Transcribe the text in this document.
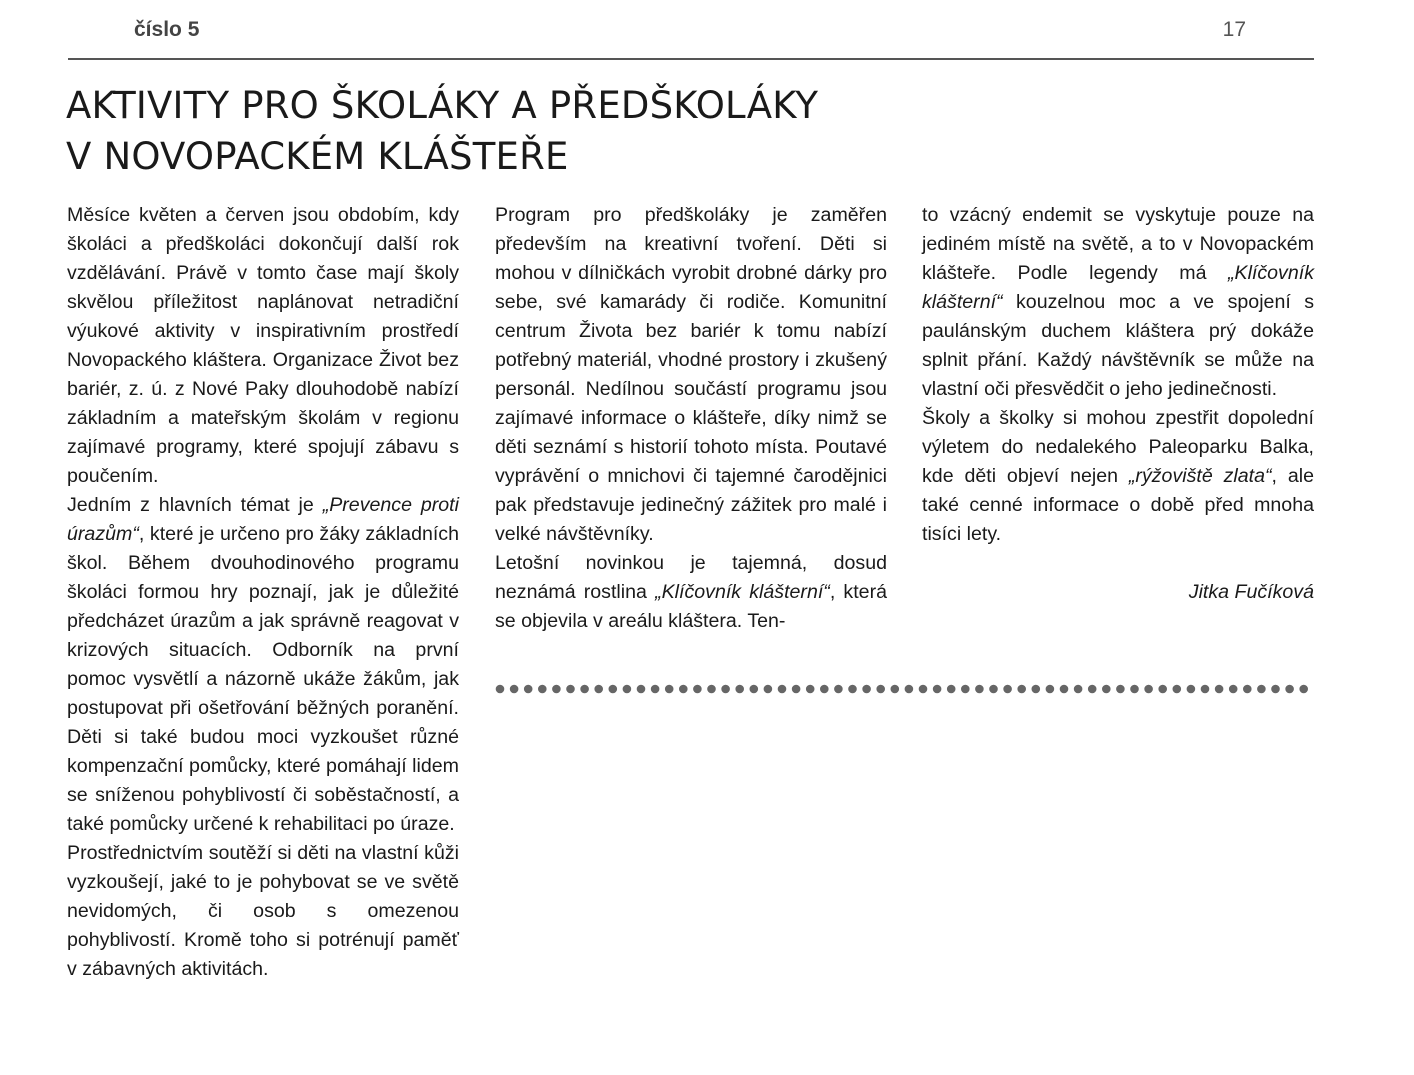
číslo 5	17
AKTIVITY PRO ŠKOLÁKY A PŘEDŠKOLÁKY
V NOVOPACKÉM KLÁŠTEŘE

Měsíce květen a červen jsou obdobím, kdy školáci a předškoláci dokončují další rok vzdělávání. Právě v tomto čase mají školy skvělou příležitost naplánovat netradiční výukové aktivity v inspirativním prostředí Novopackého kláštera. Organizace Život bez bariér, z. ú. z Nové Paky dlouhodobě nabízí základním a mateřským školám v regionu zajímavé programy, které spojují zábavu s poučením.

Jedním z hlavních témat je „Prevence proti úrazům“, které je určeno pro žáky základních škol. Během dvouhodinového programu školáci formou hry poznají, jak je důležité předcházet úrazům a jak správně reagovat v krizových situacích. Odborník na první pomoc vysvětlí a názorně ukáže žákům, jak postupovat při ošetřování běžných poranění. Děti si také budou moci vyzkoušet různé kompenzační pomůcky, které pomáhají lidem se sníženou pohyblivostí či soběstačností, a také pomůcky určené k rehabilitaci po úraze.

Prostřednictvím soutěží si děti na vlastní kůži vyzkoušejí, jaké to je pohybovat se ve světě nevidomých, či osob s omezenou pohyblivostí. Kromě toho si potrénují paměť v zábavných aktivitách.

Program pro předškoláky je zaměřen především na kreativní tvoření. Děti si mohou v dílničkách vyrobit drobné dárky pro sebe, své kamarády či rodiče. Komunitní centrum Života bez bariér k tomu nabízí potřebný materiál, vhodné prostory i zkušený personál. Nedílnou součástí programu jsou zajímavé informace o klášteře, díky nimž se děti seznámí s historií tohoto místa. Poutavé vyprávění o mnichovi či tajemné čarodějnici pak představuje jedinečný zážitek pro malé i velké návštěvníky.

Letošní novinkou je tajemná, dosud neznámá rostlina „Klíčovník klášterní“, která se objevila v areálu kláštera. Ten-

to vzácný endemit se vyskytuje pouze na jediném místě na světě, a to v Novopackém klášteře. Podle legendy má „Klíčovník klášterní“ kouzelnou moc a ve spojení s paulánským duchem kláštera prý dokáže splnit přání. Každý návštěvník se může na vlastní oči přesvědčit o jeho jedinečnosti.

Školy a školky si mohou zpestřit dopolední výletem do nedalekého Paleoparku Balka, kde děti objeví nejen „rýžoviště zlata“, ale také cenné informace o době před mnoha tisíci lety.

Jitka Fučíková
